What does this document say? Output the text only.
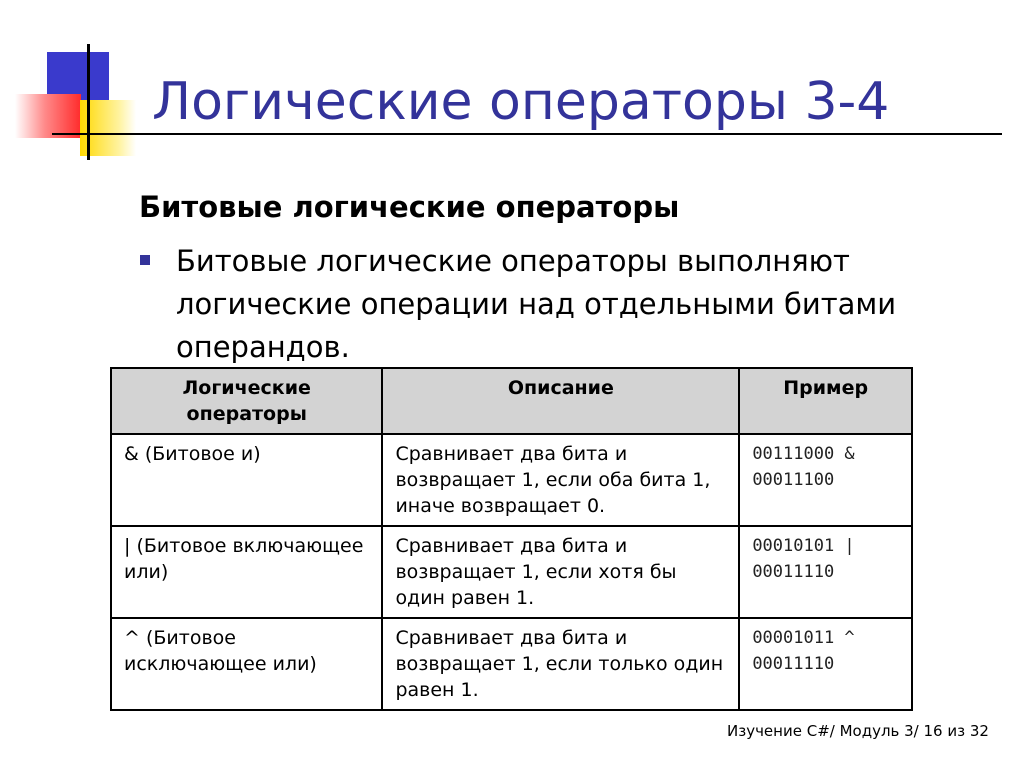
Логические операторы 3-4
Битовые логические операторы
Битовые логические операторы выполняют логические операции над отдельными битами операндов.
Логические операторы	Описание	Пример
& (Битовое и)	Сравнивает два бита и возвращает 1, если оба бита 1, иначе возвращает 0.	00111000 & 00011100
| (Битовое включающее или)	Сравнивает два бита и возвращает 1, если хотя бы один равен 1.	00010101 | 00011110
^ (Битовое исключающее или)	Сравнивает два бита и возвращает 1, если только один равен 1.	00001011 ^ 00011110
Изучение C#/ Модуль 3/ 16 из 32
